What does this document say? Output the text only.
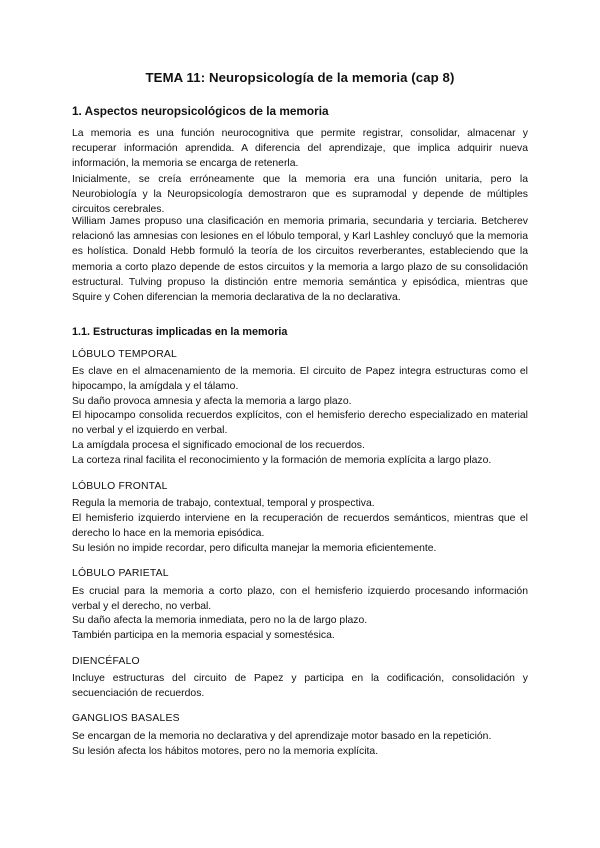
TEMA 11: Neuropsicología de la memoria (cap 8)
1. Aspectos neuropsicológicos de la memoria

La memoria es una función neurocognitiva que permite registrar, consolidar, almacenar y recuperar información aprendida. A diferencia del aprendizaje, que implica adquirir nueva información, la memoria se encarga de retenerla.

Inicialmente, se creía erróneamente que la memoria era una función unitaria, pero la Neurobiología y la Neuropsicología demostraron que es supramodal y depende de múltiples circuitos cerebrales.

William James propuso una clasificación en memoria primaria, secundaria y terciaria. Betcherev relacionó las amnesias con lesiones en el lóbulo temporal, y Karl Lashley concluyó que la memoria es holística. Donald Hebb formuló la teoría de los circuitos reverberantes, estableciendo que la memoria a corto plazo depende de estos circuitos y la memoria a largo plazo de su consolidación estructural. Tulving propuso la distinción entre memoria semántica y episódica, mientras que Squire y Cohen diferencian la memoria declarativa de la no declarativa.

1.1. Estructuras implicadas en la memoria

LÓBULO TEMPORAL

Es clave en el almacenamiento de la memoria. El circuito de Papez integra estructuras como el hipocampo, la amígdala y el tálamo.

Su daño provoca amnesia y afecta la memoria a largo plazo.

El hipocampo consolida recuerdos explícitos, con el hemisferio derecho especializado en material no verbal y el izquierdo en verbal.

La amígdala procesa el significado emocional de los recuerdos.

La corteza rinal facilita el reconocimiento y la formación de memoria explícita a largo plazo.

LÓBULO FRONTAL

Regula la memoria de trabajo, contextual, temporal y prospectiva.

El hemisferio izquierdo interviene en la recuperación de recuerdos semánticos, mientras que el derecho lo hace en la memoria episódica.

Su lesión no impide recordar, pero dificulta manejar la memoria eficientemente.

LÓBULO PARIETAL

Es crucial para la memoria a corto plazo, con el hemisferio izquierdo procesando información verbal y el derecho, no verbal.

Su daño afecta la memoria inmediata, pero no la de largo plazo.

También participa en la memoria espacial y somestésica.

DIENCÉFALO

Incluye estructuras del circuito de Papez y participa en la codificación, consolidación y secuenciación de recuerdos.

GANGLIOS BASALES

Se encargan de la memoria no declarativa y del aprendizaje motor basado en la repetición.

Su lesión afecta los hábitos motores, pero no la memoria explícita.
